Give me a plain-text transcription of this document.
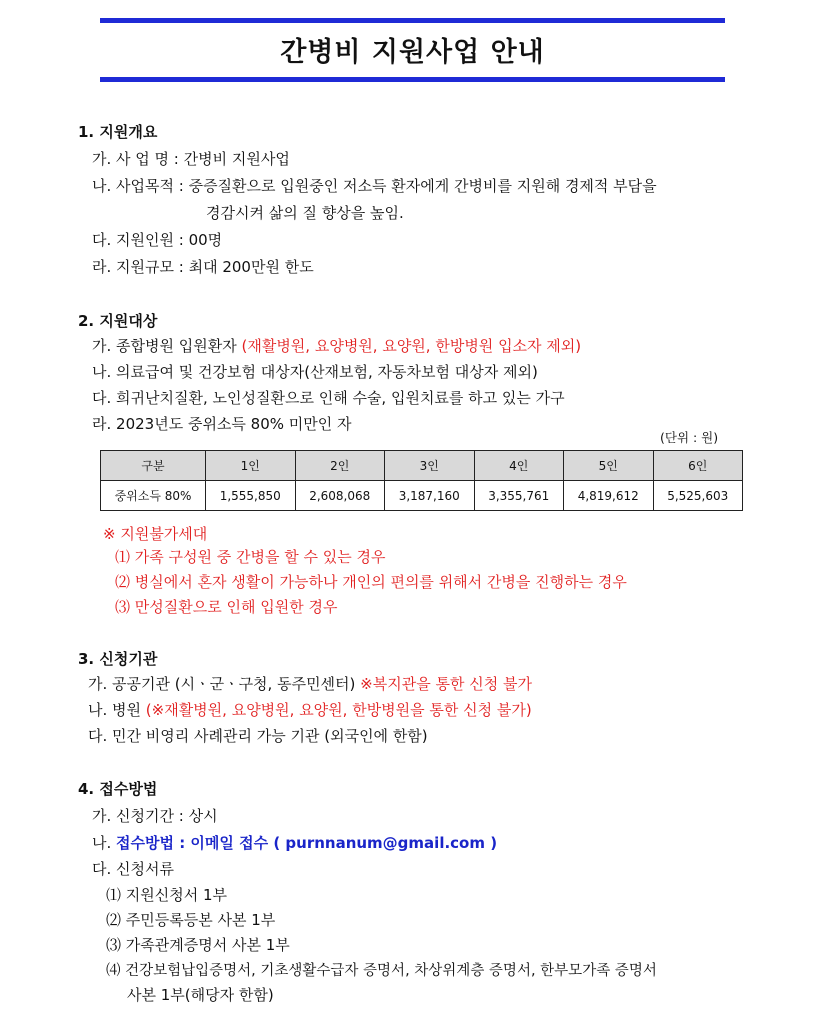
간병비 지원사업 안내
1. 지원개요
가. 사 업 명 : 간병비 지원사업
나. 사업목적 : 중증질환으로 입원중인 저소득 환자에게 간병비를 지원해 경제적 부담을
경감시켜 삶의 질 향상을 높임.
다. 지원인원 : 00명
라. 지원규모 : 최대 200만원 한도
2. 지원대상
가. 종합병원 입원환자 (재활병원, 요양병원, 요양원, 한방병원 입소자 제외)
나. 의료급여 및 건강보험 대상자(산재보험, 자동차보험 대상자 제외)
다. 희귀난치질환, 노인성질환으로 인해 수술, 입원치료를 하고 있는 가구
라. 2023년도 중위소득 80% 미만인 자
(단위 : 원)
구분	1인	2인	3인	4인	5인	6인
중위소득 80%	1,555,850	2,608,068	3,187,160	3,355,761	4,819,612	5,525,603
※ 지원불가세대
⑴ 가족 구성원 중 간병을 할 수 있는 경우
⑵ 병실에서 혼자 생활이 가능하나 개인의 편의를 위해서 간병을 진행하는 경우
⑶ 만성질환으로 인해 입원한 경우
3. 신청기관
가. 공공기관 (시ㆍ군ㆍ구청, 동주민센터) ※복지관을 통한 신청 불가
나. 병원 (※재활병원, 요양병원, 요양원, 한방병원을 통한 신청 불가)
다. 민간 비영리 사례관리 가능 기관 (외국인에 한함)
4. 접수방법
가. 신청기간 : 상시
나. 접수방법 : 이메일 접수 ( purnnanum@gmail.com )
다. 신청서류
⑴ 지원신청서 1부
⑵ 주민등록등본 사본 1부
⑶ 가족관계증명서 사본 1부
⑷ 건강보험납입증명서, 기초생활수급자 증명서, 차상위계층 증명서, 한부모가족 증명서
사본 1부(해당자 한함)
